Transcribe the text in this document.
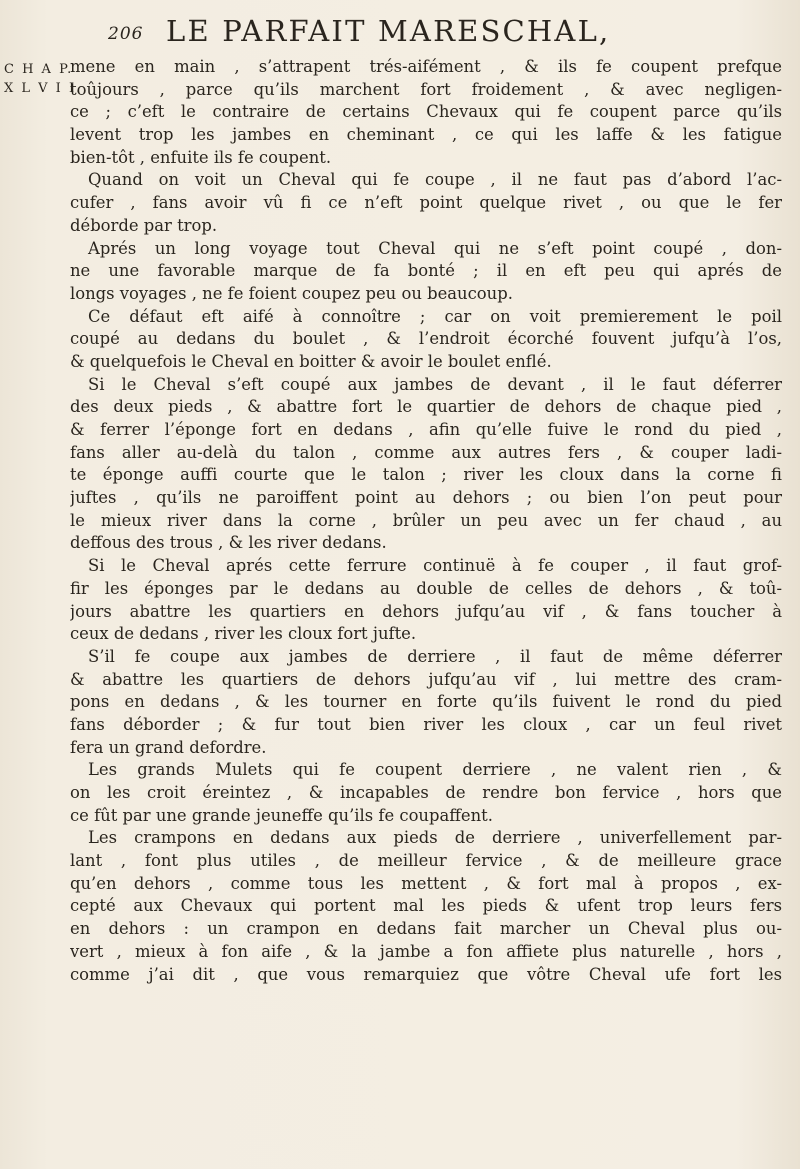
206 LE PARFAIT MARESCHAL,
C H A P.
X L V I I.
mene en main , s’attrapent trés-aifément , & ils fe coupent prefque
toûjours , parce qu’ils marchent fort froidement , & avec negligen-
ce ; c’eft le contraire de certains Chevaux qui fe coupent parce qu’ils
levent trop les jambes en cheminant , ce qui les laffe & les fatigue
bien-tôt , enfuite ils fe coupent.
Quand on voit un Cheval qui fe coupe , il ne faut pas d’abord l’ac-
cufer , fans avoir vû fi ce n’eft point quelque rivet , ou que le fer
déborde par trop.
Aprés un long voyage tout Cheval qui ne s’eft point coupé , don-
ne une favorable marque de fa bonté ; il en eft peu qui aprés de
longs voyages , ne fe foient coupez peu ou beaucoup.
Ce défaut eft aifé à connoître ; car on voit premierement le poil
coupé au dedans du boulet , & l’endroit écorché fouvent jufqu’à l’os,
& quelquefois le Cheval en boitter & avoir le boulet enflé.
Si le Cheval s’eft coupé aux jambes de devant , il le faut déferrer
des deux pieds , & abattre fort le quartier de dehors de chaque pied ,
& ferrer l’éponge fort en dedans , afin qu’elle fuive le rond du pied ,
fans aller au-delà du talon , comme aux autres fers , & couper ladi-
te éponge auffi courte que le talon ; river les cloux dans la corne fi
juftes , qu’ils ne paroiffent point au dehors ; ou bien l’on peut pour
le mieux river dans la corne , brûler un peu avec un fer chaud , au
deffous des trous , & les river dedans.
Si le Cheval aprés cette ferrure continuë à fe couper , il faut grof-
fir les éponges par le dedans au double de celles de dehors , & toû-
jours abattre les quartiers en dehors jufqu’au vif , & fans toucher à
ceux de dedans , river les cloux fort jufte.
S’il fe coupe aux jambes de derriere , il faut de même déferrer
& abattre les quartiers de dehors jufqu’au vif , lui mettre des cram-
pons en dedans , & les tourner en forte qu’ils fuivent le rond du pied
fans déborder ; & fur tout bien river les cloux , car un feul rivet
fera un grand defordre.
Les grands Mulets qui fe coupent derriere , ne valent rien , &
on les croit éreintez , & incapables de rendre bon fervice , hors que
ce fût par une grande jeuneffe qu’ils fe coupaffent.
Les crampons en dedans aux pieds de derriere , univerfellement par-
lant , font plus utiles , de meilleur fervice , & de meilleure grace
qu’en dehors , comme tous les mettent , & fort mal à propos , ex-
cepté aux Chevaux qui portent mal les pieds & ufent trop leurs fers
en dehors : un crampon en dedans fait marcher un Cheval plus ou-
vert , mieux à fon aife , & la jambe a fon affiete plus naturelle , hors ,
comme j’ai dit , que vous remarquiez que vôtre Cheval ufe fort les
